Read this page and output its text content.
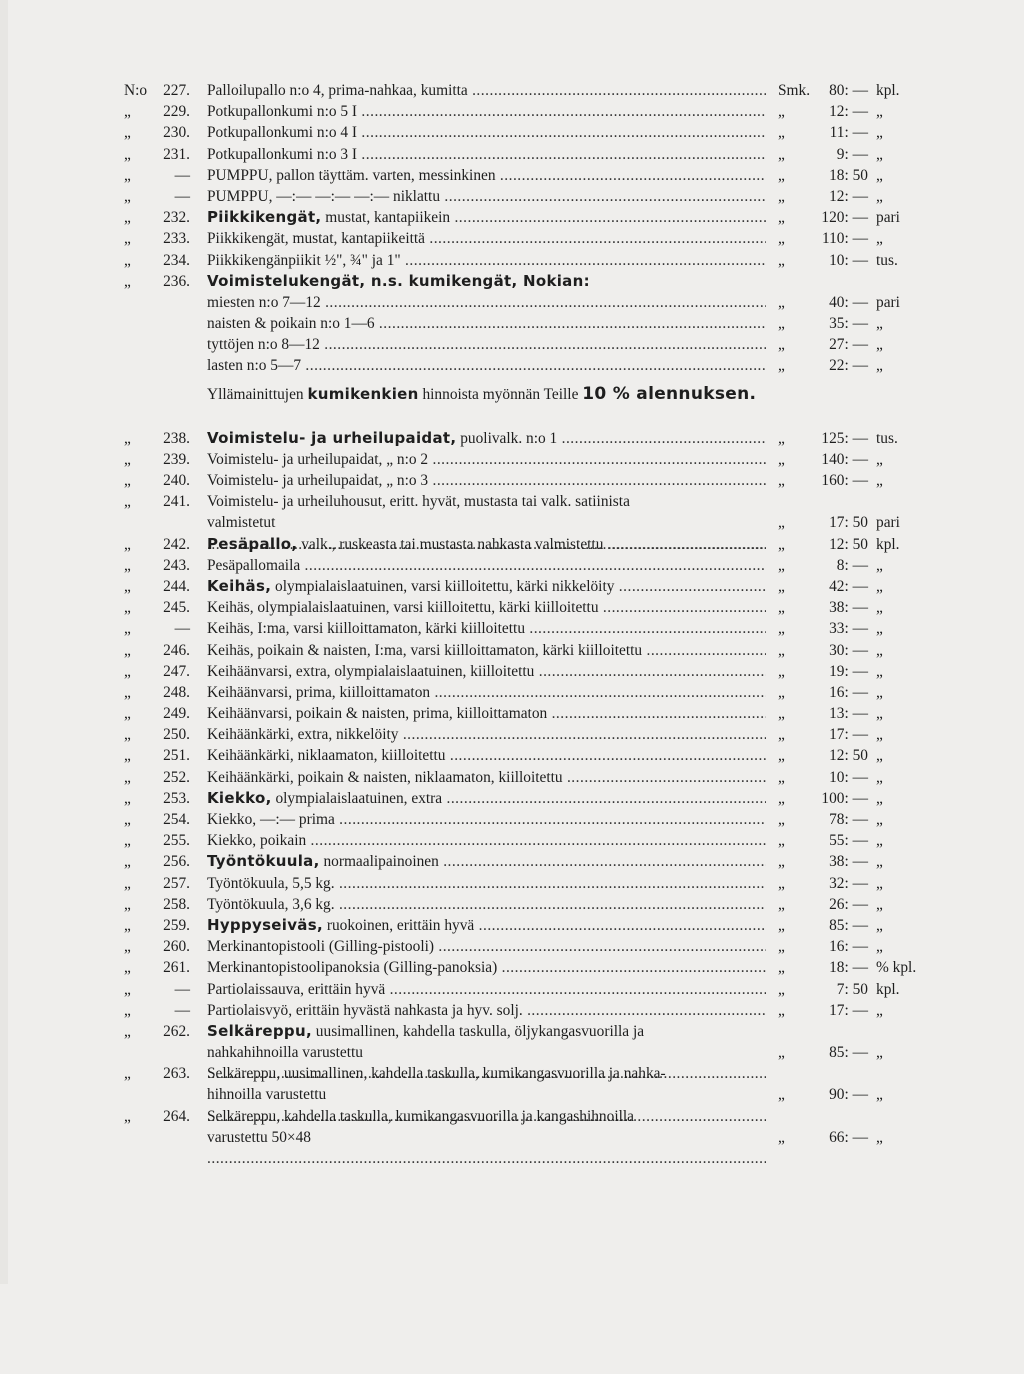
N:o	227. Palloilupallo n:o 4, prima-nahkaa, kumitta .....	Smk.	80: — kpl.
„	229. Potkupallonkumi n:o 5 I .....	„	12: — „
„	230. Potkupallonkumi n:o 4 I .....	„	11: — „
„	231. Potkupallonkumi n:o 3 I .....	„	9: — „
„	— PUMPPU, pallon täyttäm. varten, messinkinen .....	„	18: 50 „
„	— PUMPPU, —:— —:— —:— niklattu .....	„	12: — „
„	232. Piikkikengät, mustat, kantapiikein .....	„	120: — pari
„	233. Piikkikengät, mustat, kantapiikeittä .....	„	110: — „
„	234. Piikkikengänpiikit ½", ¾" ja 1" .....	„	10: — tus.
„	236. Voimistelukengät, n.s. kumikengät, Nokian:
miesten n:o 7—12 .....	„	40: — pari
naisten & poikain n:o 1—6 .....	„	35: — „
tyttöjen n:o 8—12 .....	„	27: — „
lasten n:o 5—7 .....	„	22: — „
Yllämainittujen kumikenkien hinnoista myönnän Teille 10 % alennuksen.
„	238. Voimistelu- ja urheilupaidat, puolivalk. n:o 1 .....	„	125: — tus.
„	239. Voimistelu- ja urheilupaidat, „ n:o 2 .....	„	140: — „
„	240. Voimistelu- ja urheilupaidat, „ n:o 3 .....	„	160: — „
„	241. Voimistelu- ja urheiluhousut, eritt. hyvät, mustasta tai valk. satiinista
valmistetut .....	„	17: 50 pari
„	242. Pesäpallo, valk., ruskeasta tai mustasta nahkasta valmistettu .....	„	12: 50 kpl.
„	243. Pesäpallomaila .....	„	8: — „
„	244. Keihäs, olympialaislaatuinen, varsi kiilloitettu, kärki nikkelöity .....	„	42: — „
„	245. Keihäs, olympialaislaatuinen, varsi kiilloitettu, kärki kiilloitettu .....	„	38: — „
„	— Keihäs, I:ma, varsi kiilloittamaton, kärki kiilloitettu .....	„	33: — „
„	246. Keihäs, poikain & naisten, I:ma, varsi kiilloittamaton, kärki kiilloitettu .....	„	30: — „
„	247. Keihäänvarsi, extra, olympialaislaatuinen, kiilloitettu .....	„	19: — „
„	248. Keihäänvarsi, prima, kiilloittamaton .....	„	16: — „
„	249. Keihäänvarsi, poikain & naisten, prima, kiilloittamaton .....	„	13: — „
„	250. Keihäänkärki, extra, nikkelöity .....	„	17: — „
„	251. Keihäänkärki, niklaamaton, kiilloitettu .....	„	12: 50 „
„	252. Keihäänkärki, poikain & naisten, niklaamaton, kiilloitettu .....	„	10: — „
„	253. Kiekko, olympialaislaatuinen, extra .....	„	100: — „
„	254. Kiekko, —:— prima .....	„	78: — „
„	255. Kiekko, poikain .....	„	55: — „
„	256. Työntökuula, normaalipainoinen .....	„	38: — „
„	257. Työntökuula, 5,5 kg. .....	„	32: — „
„	258. Työntökuula, 3,6 kg. .....	„	26: — „
„	259. Hyppyseiväs, ruokoinen, erittäin hyvä .....	„	85: — „
„	260. Merkinantopistooli (Gilling-pistooli) .....	„	16: — „
„	261. Merkinantopistoolipanoksia (Gilling-panoksia) .....	„	18: — % kpl.
„	— Partiolaissauva, erittäin hyvä .....	„	7: 50 kpl.
„	— Partiolaisvyö, erittäin hyvästä nahkasta ja hyv. solj. .....	„	17: — „
„	262. Selkäreppu, uusimallinen, kahdella taskulla, öljykangasvuorilla ja
nahkahihnoilla varustettu .....	„	85: — „
„	263. Selkäreppu, uusimallinen, kahdella taskulla, kumikangasvuorilla ja nahka-
hihnoilla varustettu .....	„	90: — „
„	264. Selkäreppu, kahdella taskulla, kumikangasvuorilla ja kangashihnoilla
varustettu 50×48 .....	„	66: — „
